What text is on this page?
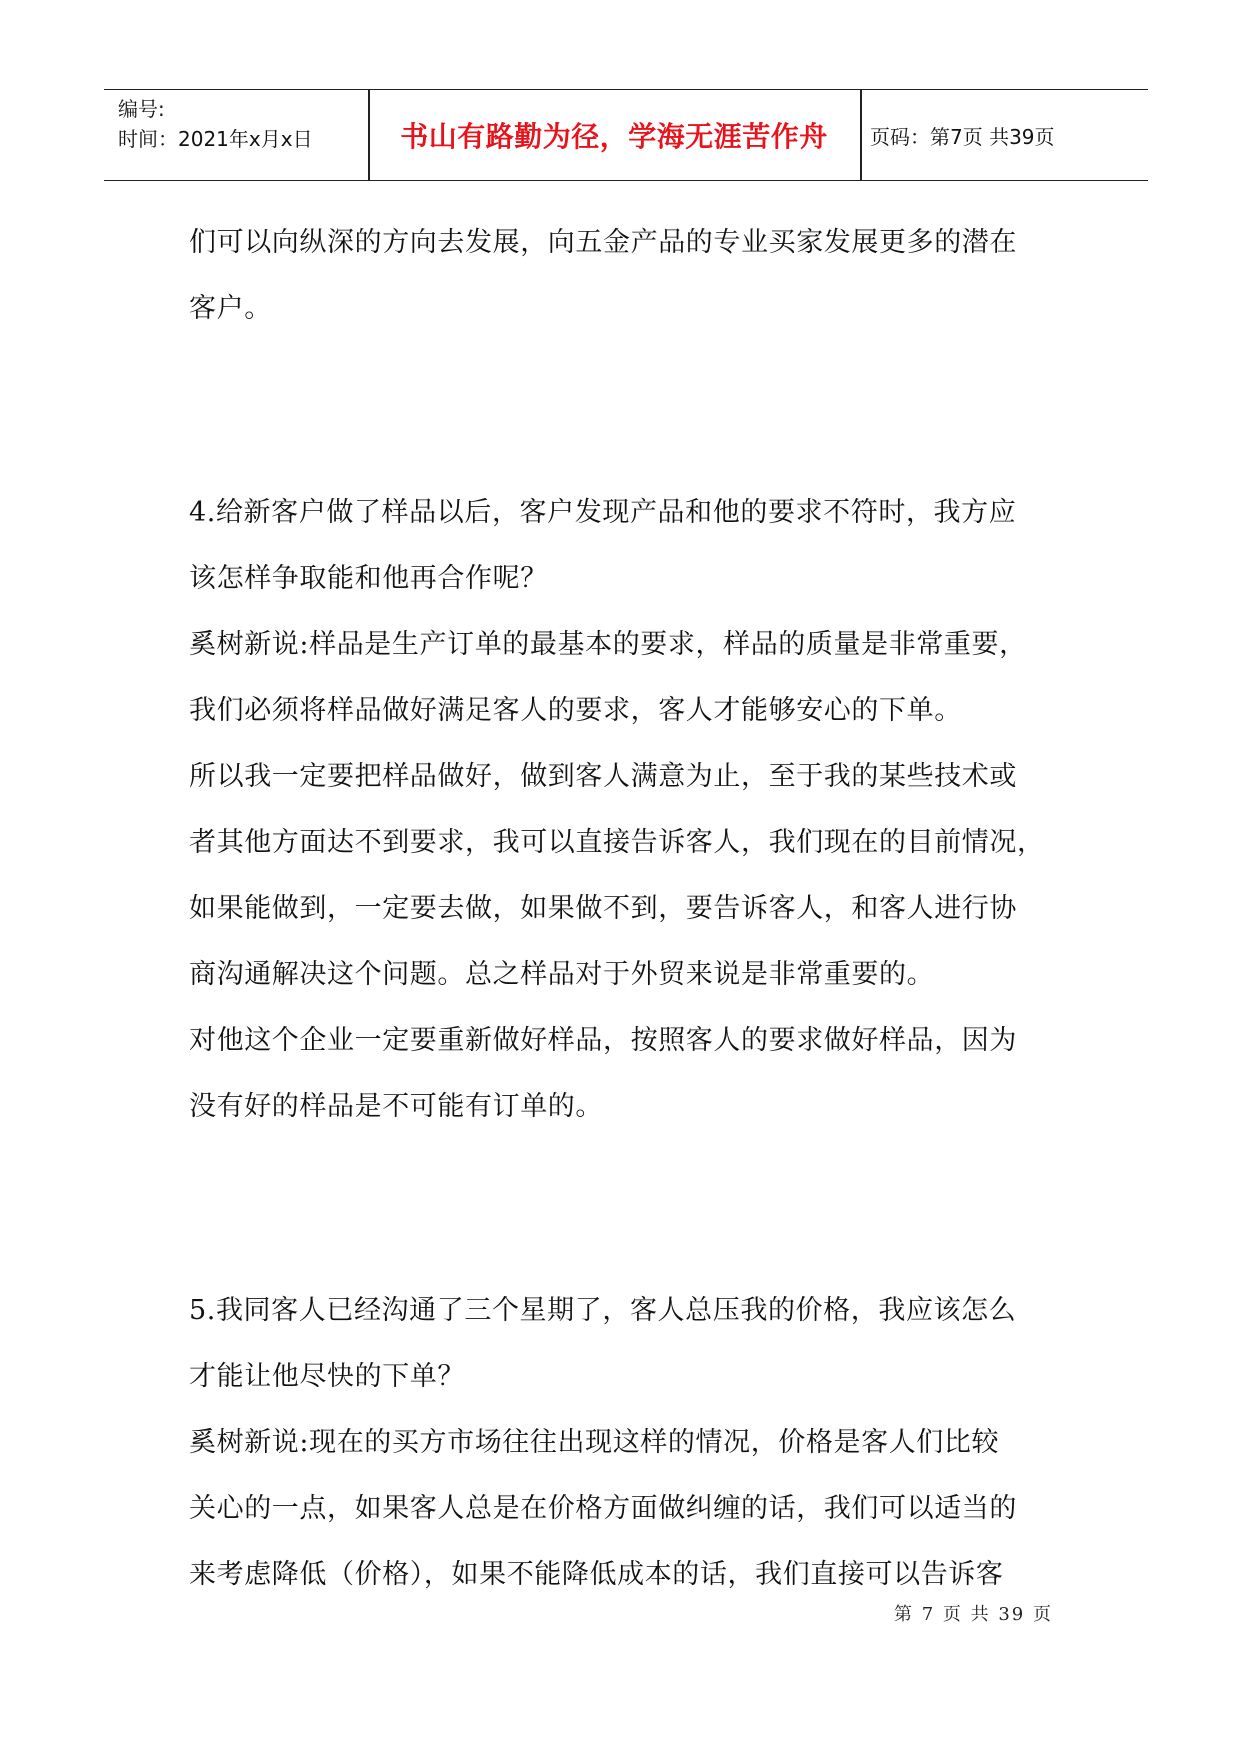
编号:
时间：2021年x月x日	书山有路勤为径，学海无涯苦作舟	页码：第7页 共39页
们可以向纵深的方向去发展，向五金产品的专业买家发展更多的潜在
客户。
4.给新客户做了样品以后，客户发现产品和他的要求不符时，我方应
该怎样争取能和他再合作呢？
奚树新说:样品是生产订单的最基本的要求，样品的质量是非常重要，
我们必须将样品做好满足客人的要求，客人才能够安心的下单。
所以我一定要把样品做好，做到客人满意为止，至于我的某些技术或
者其他方面达不到要求，我可以直接告诉客人，我们现在的目前情况，
如果能做到，一定要去做，如果做不到，要告诉客人，和客人进行协
商沟通解决这个问题。总之样品对于外贸来说是非常重要的。
对他这个企业一定要重新做好样品，按照客人的要求做好样品，因为
没有好的样品是不可能有订单的。
5.我同客人已经沟通了三个星期了，客人总压我的价格，我应该怎么
才能让他尽快的下单？
奚树新说:现在的买方市场往往出现这样的情况，价格是客人们比较
关心的一点，如果客人总是在价格方面做纠缠的话，我们可以适当的
来考虑降低（价格），如果不能降低成本的话，我们直接可以告诉客
第 7 页 共 39 页
